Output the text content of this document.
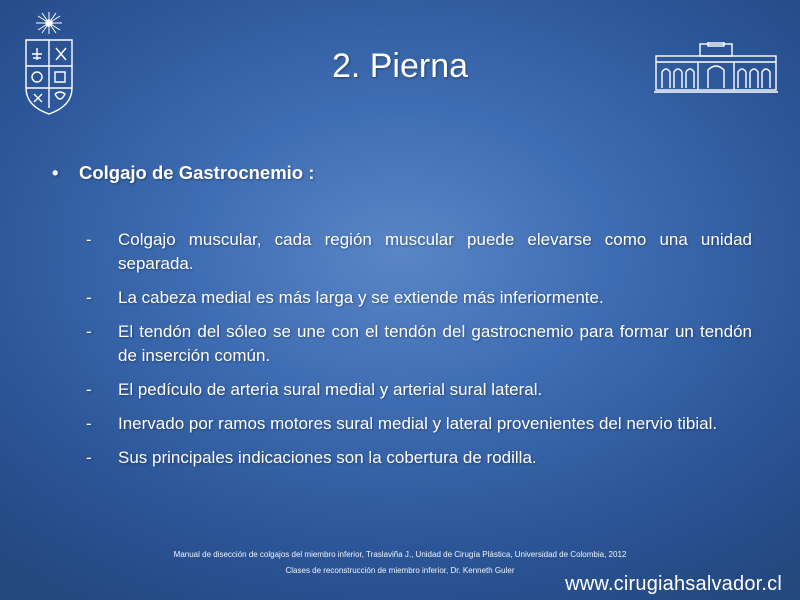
2. Pierna
• Colgajo de Gastrocnemio :
- Colgajo muscular, cada región muscular puede elevarse como una unidad separada.
- La cabeza medial es más larga y se extiende más inferiormente.
- El tendón del sóleo se une con el tendón del gastrocnemio para formar un tendón de inserción común.
- El pedículo de arteria sural medial y arterial sural lateral.
- Inervado por ramos motores sural medial y lateral provenientes del nervio tibial.
- Sus principales indicaciones son la cobertura de rodilla.
Manual de disección de colgajos del miembro inferior, Traslaviña J., Unidad de Cirugía Plástica, Universidad de Colombia, 2012
Clases de reconstrucción de miembro inferior, Dr. Kenneth Guler
www.cirugiahsalvador.cl
